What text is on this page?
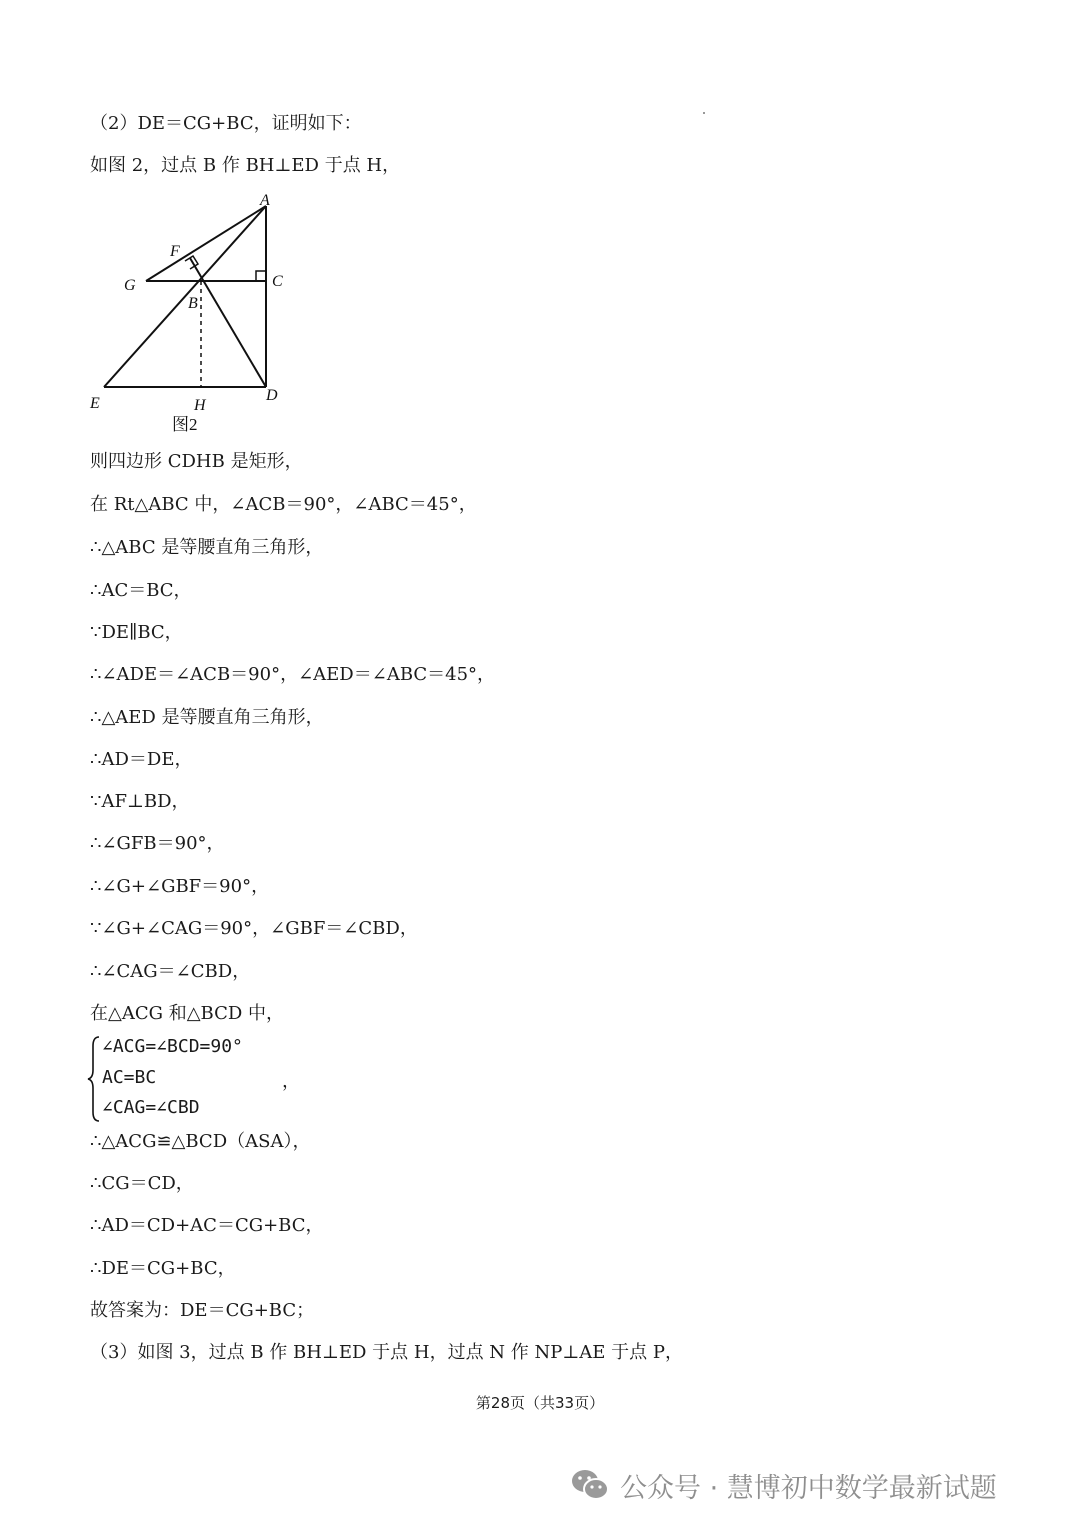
（2）DE＝CG+BC，证明如下：
如图 2，过点 B 作 BH⊥ED 于点 H，
A
F
G	C
B
E	H
D
图2
则四边形 CDHB 是矩形，
在 Rt△ABC 中，∠ACB＝90°，∠ABC＝45°，
∴△ABC 是等腰直角三角形，
∴AC＝BC，
∵DE∥BC，
∴∠ADE＝∠ACB＝90°，∠AED＝∠ABC＝45°，
∴△AED 是等腰直角三角形，
∴AD＝DE，
∵AF⊥BD，
∴∠GFB＝90°，
∴∠G+∠GBF＝90°，
∵∠G+∠CAG＝90°，∠GBF＝∠CBD，
∴∠CAG＝∠CBD，
在△ACG 和△BCD 中，
∠ACG=∠BCD=90°
AC=BC
∠CAG=∠CBD
，
∴△ACG≌△BCD（ASA），
∴CG＝CD，
∴AD＝CD+AC＝CG+BC，
∴DE＝CG+BC，
故答案为：DE＝CG+BC；
（3）如图 3，过点 B 作 BH⊥ED 于点 H，过点 N 作 NP⊥AE 于点 P，
第28页（共33页）
公众号 · 慧博初中数学最新试题
